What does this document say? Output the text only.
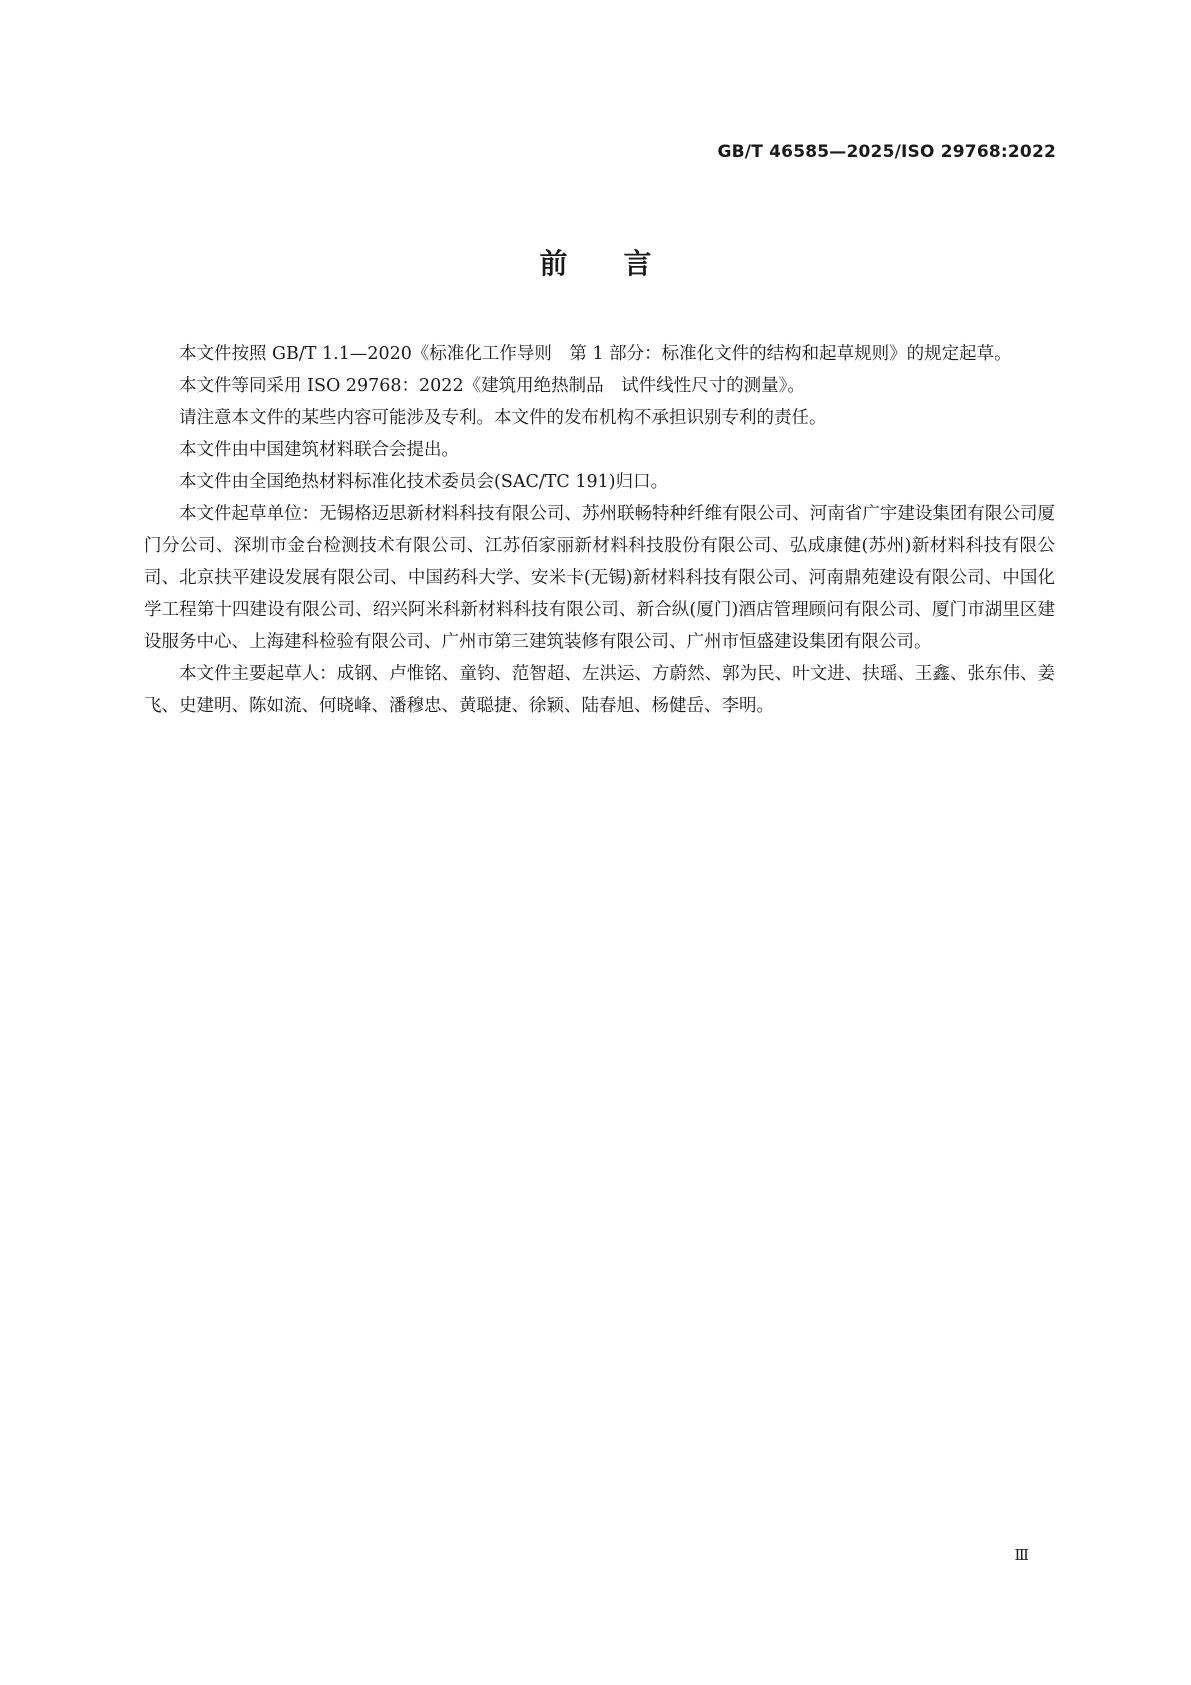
GB/T 46585—2025/ISO 29768:2022
前言

本文件按照 GB/T 1.1—2020《标准化工作导则　第 1 部分：标准化文件的结构和起草规则》的规定起草。

本文件等同采用 ISO 29768：2022《建筑用绝热制品　试件线性尺寸的测量》。

请注意本文件的某些内容可能涉及专利。本文件的发布机构不承担识别专利的责任。

本文件由中国建筑材料联合会提出。

本文件由全国绝热材料标准化技术委员会(SAC/TC 191)归口。

本文件起草单位：无锡格迈思新材料科技有限公司、苏州联畅特种纤维有限公司、河南省广宇建设集团有限公司厦门分公司、深圳市金台检测技术有限公司、江苏佰家丽新材料科技股份有限公司、弘成康健(苏州)新材料科技有限公司、北京扶平建设发展有限公司、中国药科大学、安米卡(无锡)新材料科技有限公司、河南鼎苑建设有限公司、中国化学工程第十四建设有限公司、绍兴阿米科新材料科技有限公司、新合纵(厦门)酒店管理顾问有限公司、厦门市湖里区建设服务中心、上海建科检验有限公司、广州市第三建筑装修有限公司、广州市恒盛建设集团有限公司。

本文件主要起草人：成钢、卢惟铭、童钧、范智超、左洪运、方蔚然、郭为民、叶文进、扶瑶、王鑫、张东伟、姜飞、史建明、陈如流、何晓峰、潘穆忠、黄聪捷、徐颖、陆春旭、杨健岳、李明。

Ⅲ
